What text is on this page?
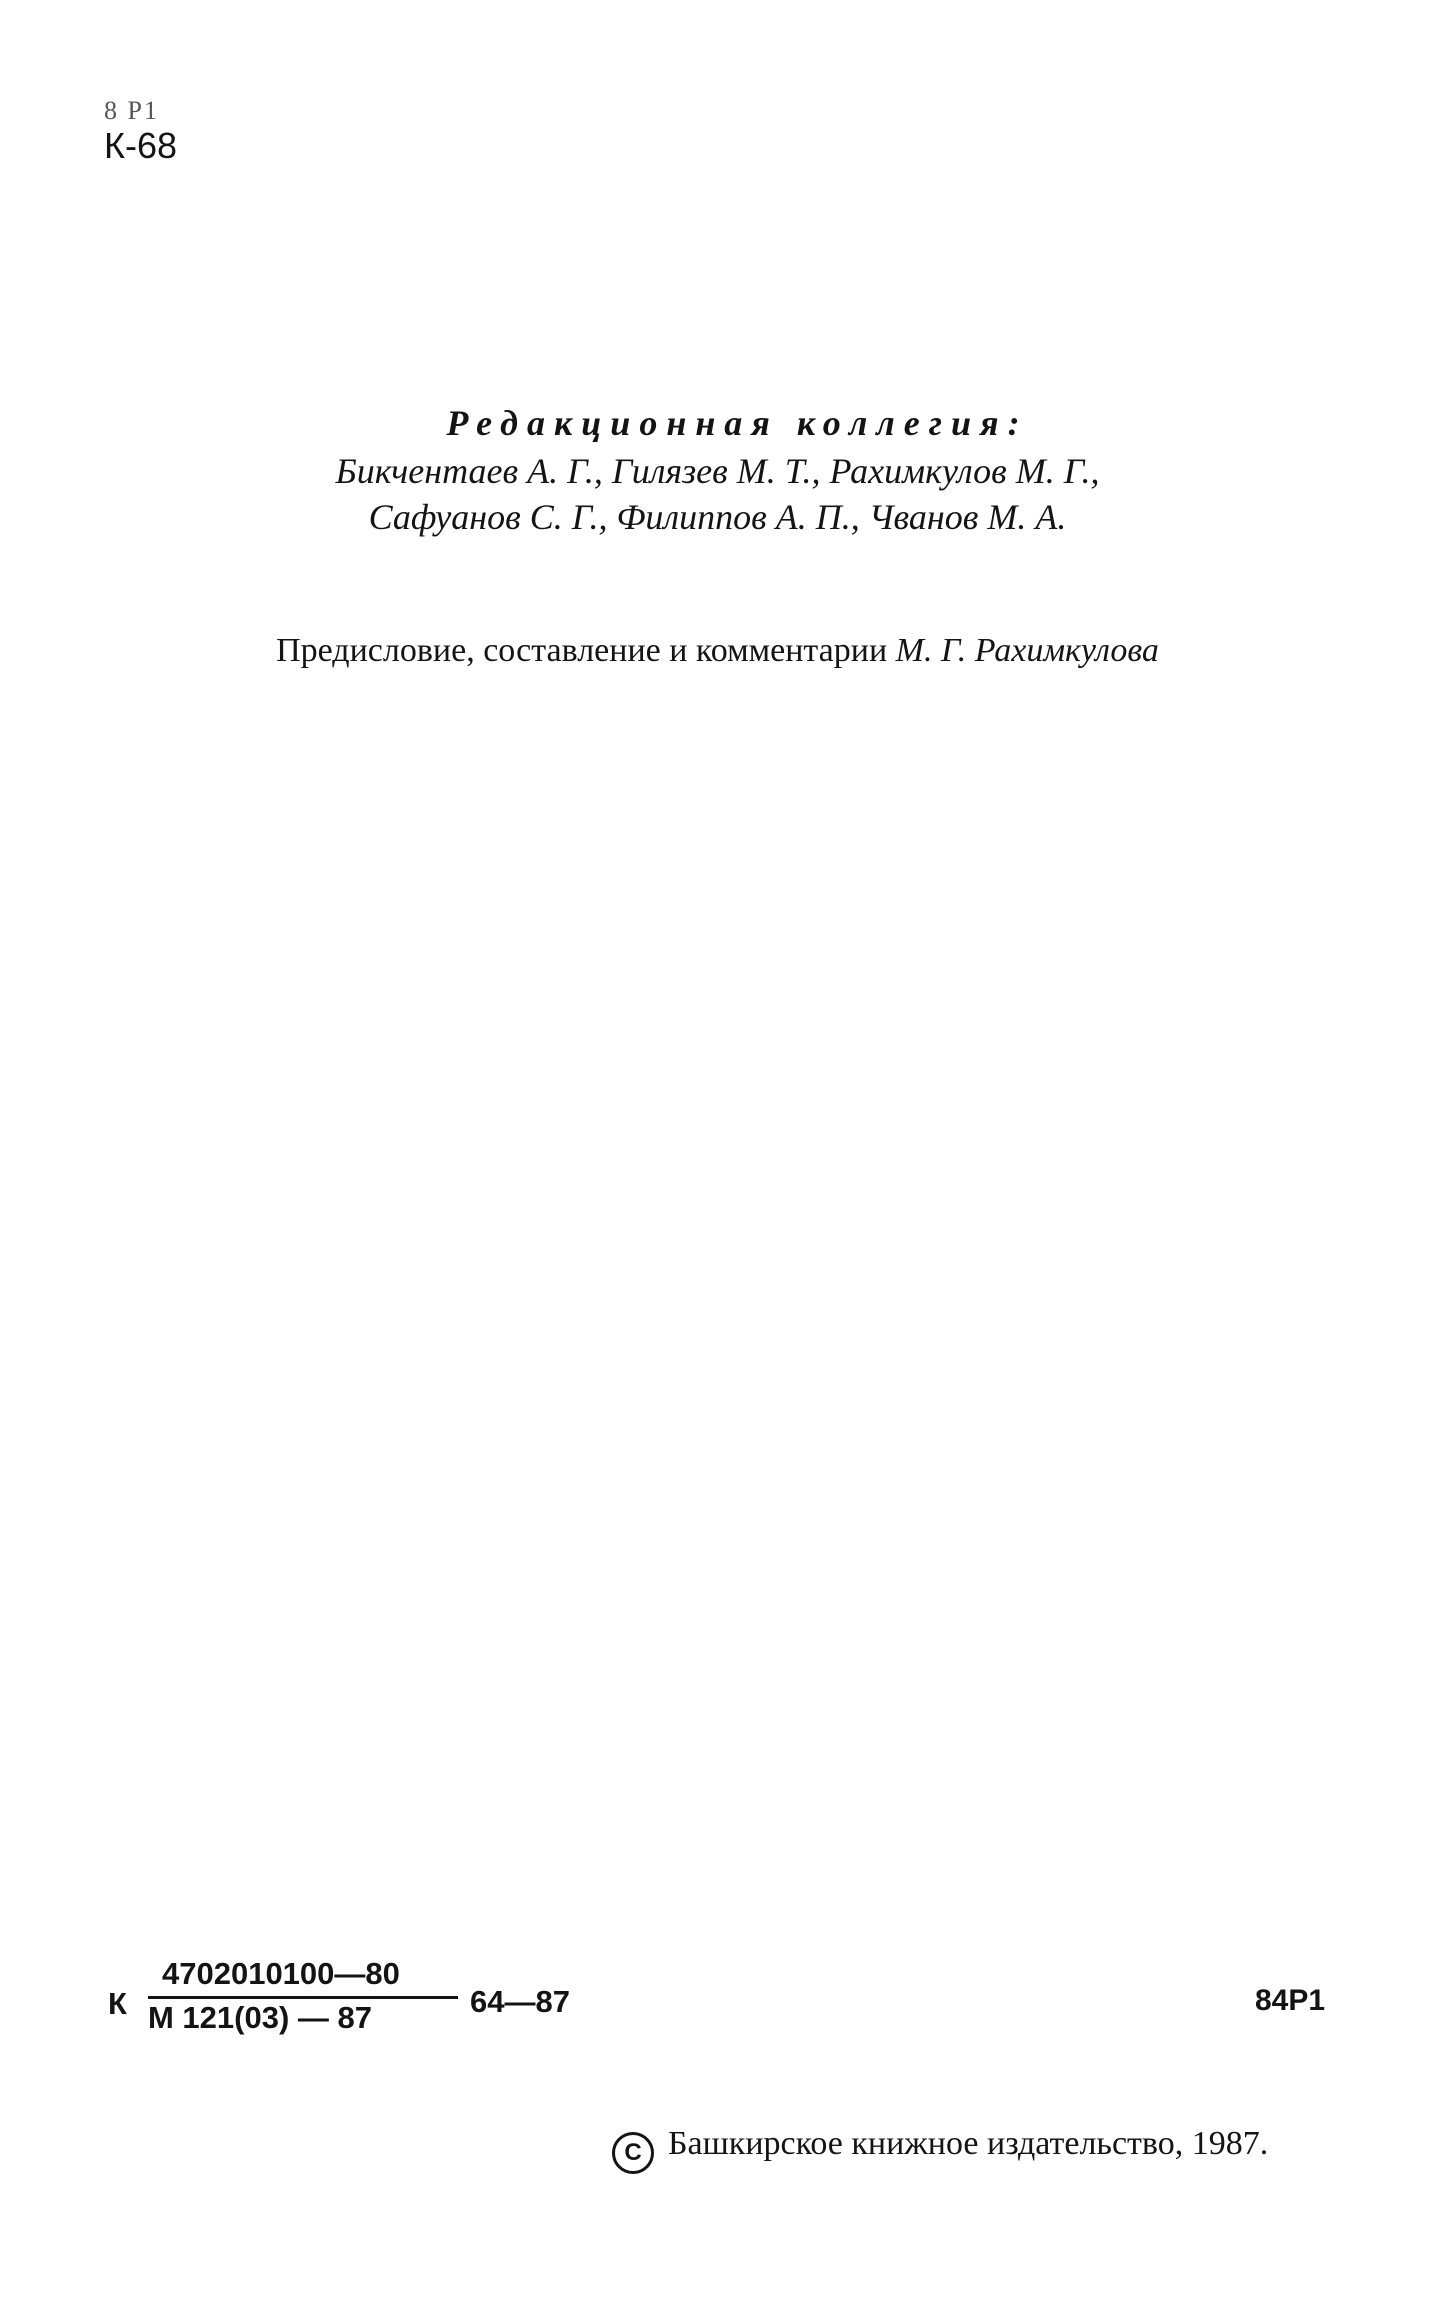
8 Р1
К-68
Редакционная коллегия:
Бикчентаев А. Г., Гилязев М. Т., Рахимкулов М. Г.,
Сафуанов С. Г., Филиппов А. П., Чванов М. А.
Предисловие, составление и комментарии М. Г. Рахимкулова
К
4702010100—80
М 121(03) — 87	64—87	84Р1
C Башкирское книжное издательство, 1987.
